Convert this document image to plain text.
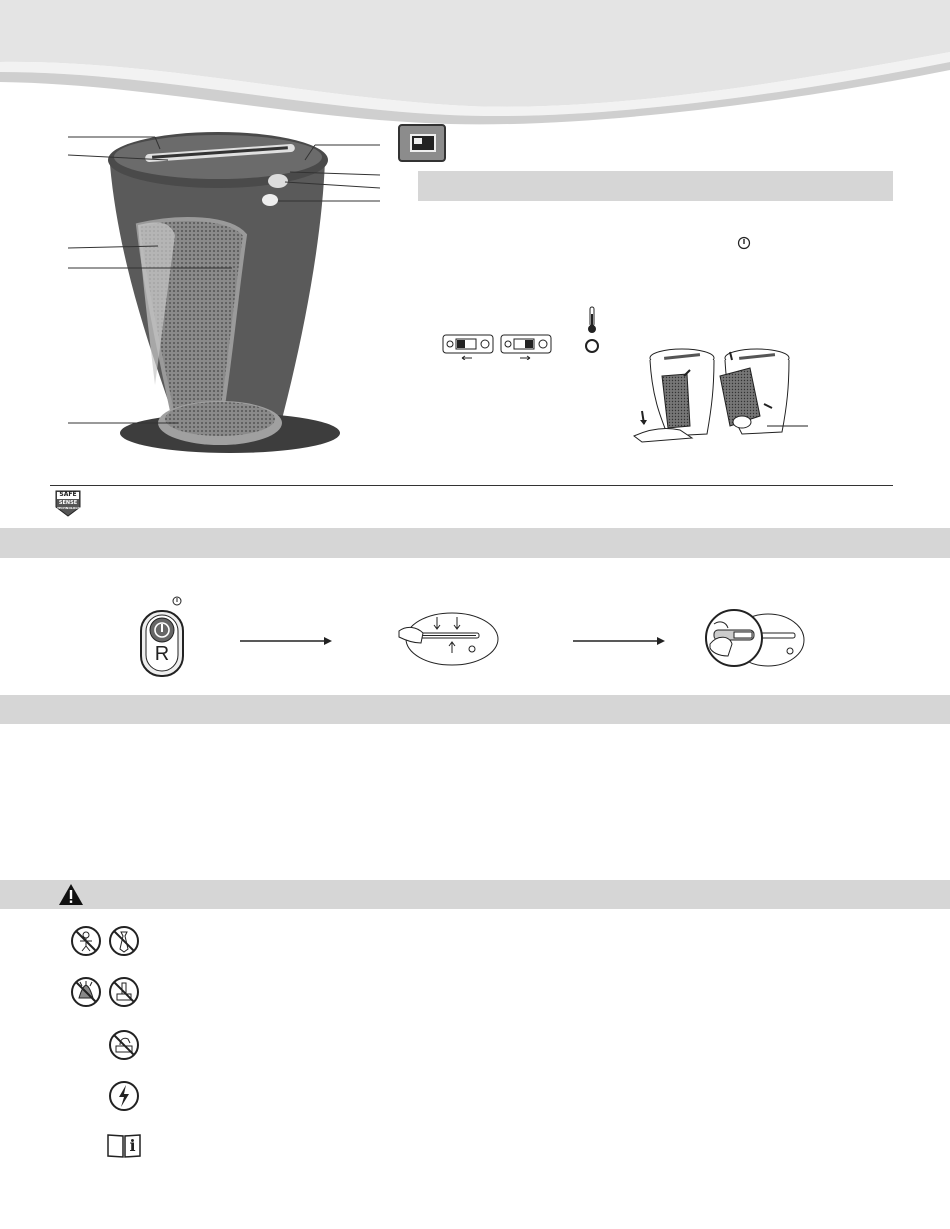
SAFE
SENSE
TECHNOLOGY
R
i
